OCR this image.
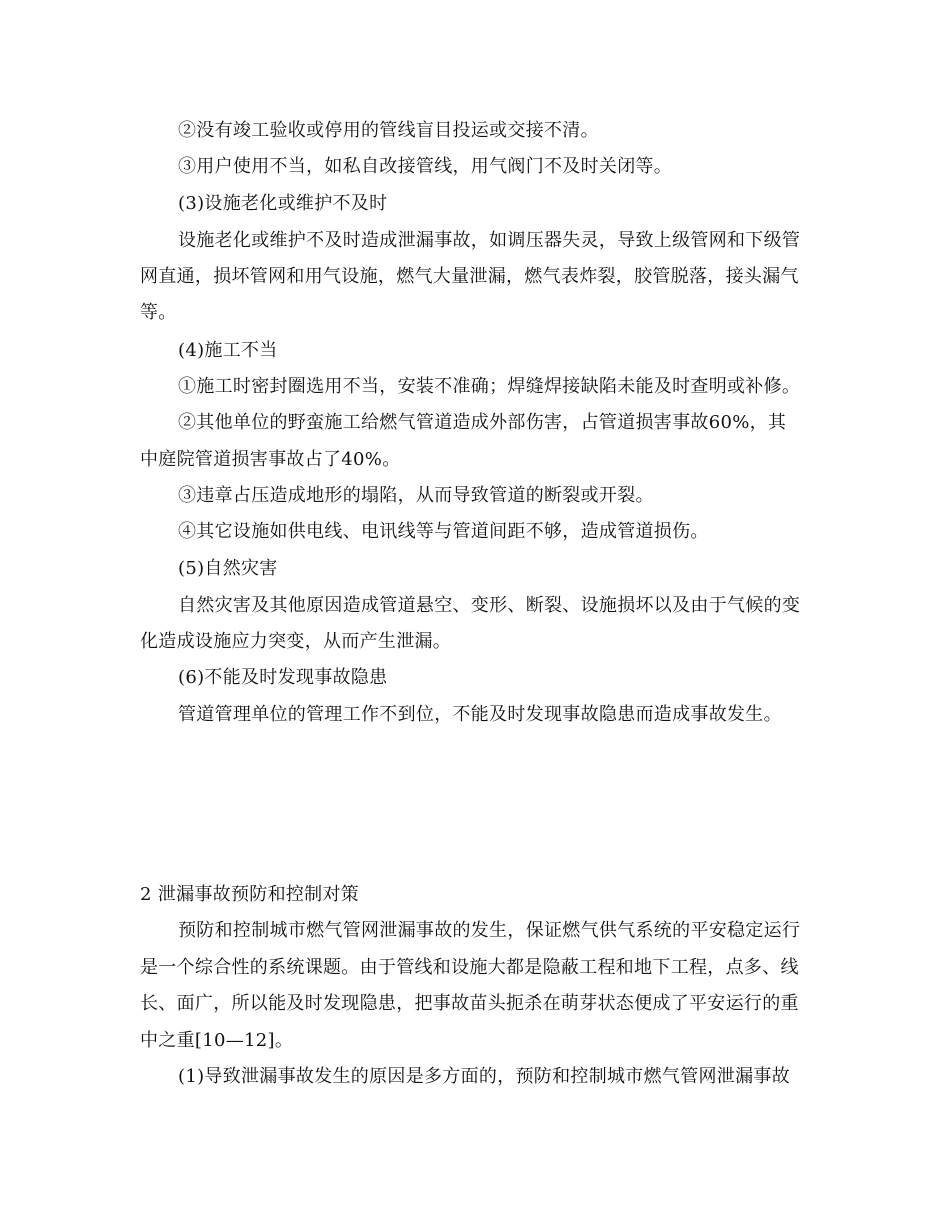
②没有竣工验收或停用的管线盲目投运或交接不清。
③用户使用不当，如私自改接管线，用气阀门不及时关闭等。
(3)设施老化或维护不及时
设施老化或维护不及时造成泄漏事故，如调压器失灵，导致上级管网和下级管
网直通，损坏管网和用气设施，燃气大量泄漏，燃气表炸裂，胶管脱落，接头漏气
等。
(4)施工不当
①施工时密封圈选用不当，安装不准确；焊缝焊接缺陷未能及时查明或补修。
②其他单位的野蛮施工给燃气管道造成外部伤害，占管道损害事故60%，其
中庭院管道损害事故占了40%。
③违章占压造成地形的塌陷，从而导致管道的断裂或开裂。
④其它设施如供电线、电讯线等与管道间距不够，造成管道损伤。
(5)自然灾害
自然灾害及其他原因造成管道悬空、变形、断裂、设施损坏以及由于气候的变
化造成设施应力突变，从而产生泄漏。
(6)不能及时发现事故隐患
管道管理单位的管理工作不到位，不能及时发现事故隐患而造成事故发生。
2 泄漏事故预防和控制对策
预防和控制城市燃气管网泄漏事故的发生，保证燃气供气系统的平安稳定运行
是一个综合性的系统课题。由于管线和设施大都是隐蔽工程和地下工程，点多、线
长、面广，所以能及时发现隐患，把事故苗头扼杀在萌芽状态便成了平安运行的重
中之重[10—12]。
(1)导致泄漏事故发生的原因是多方面的，预防和控制城市燃气管网泄漏事故
